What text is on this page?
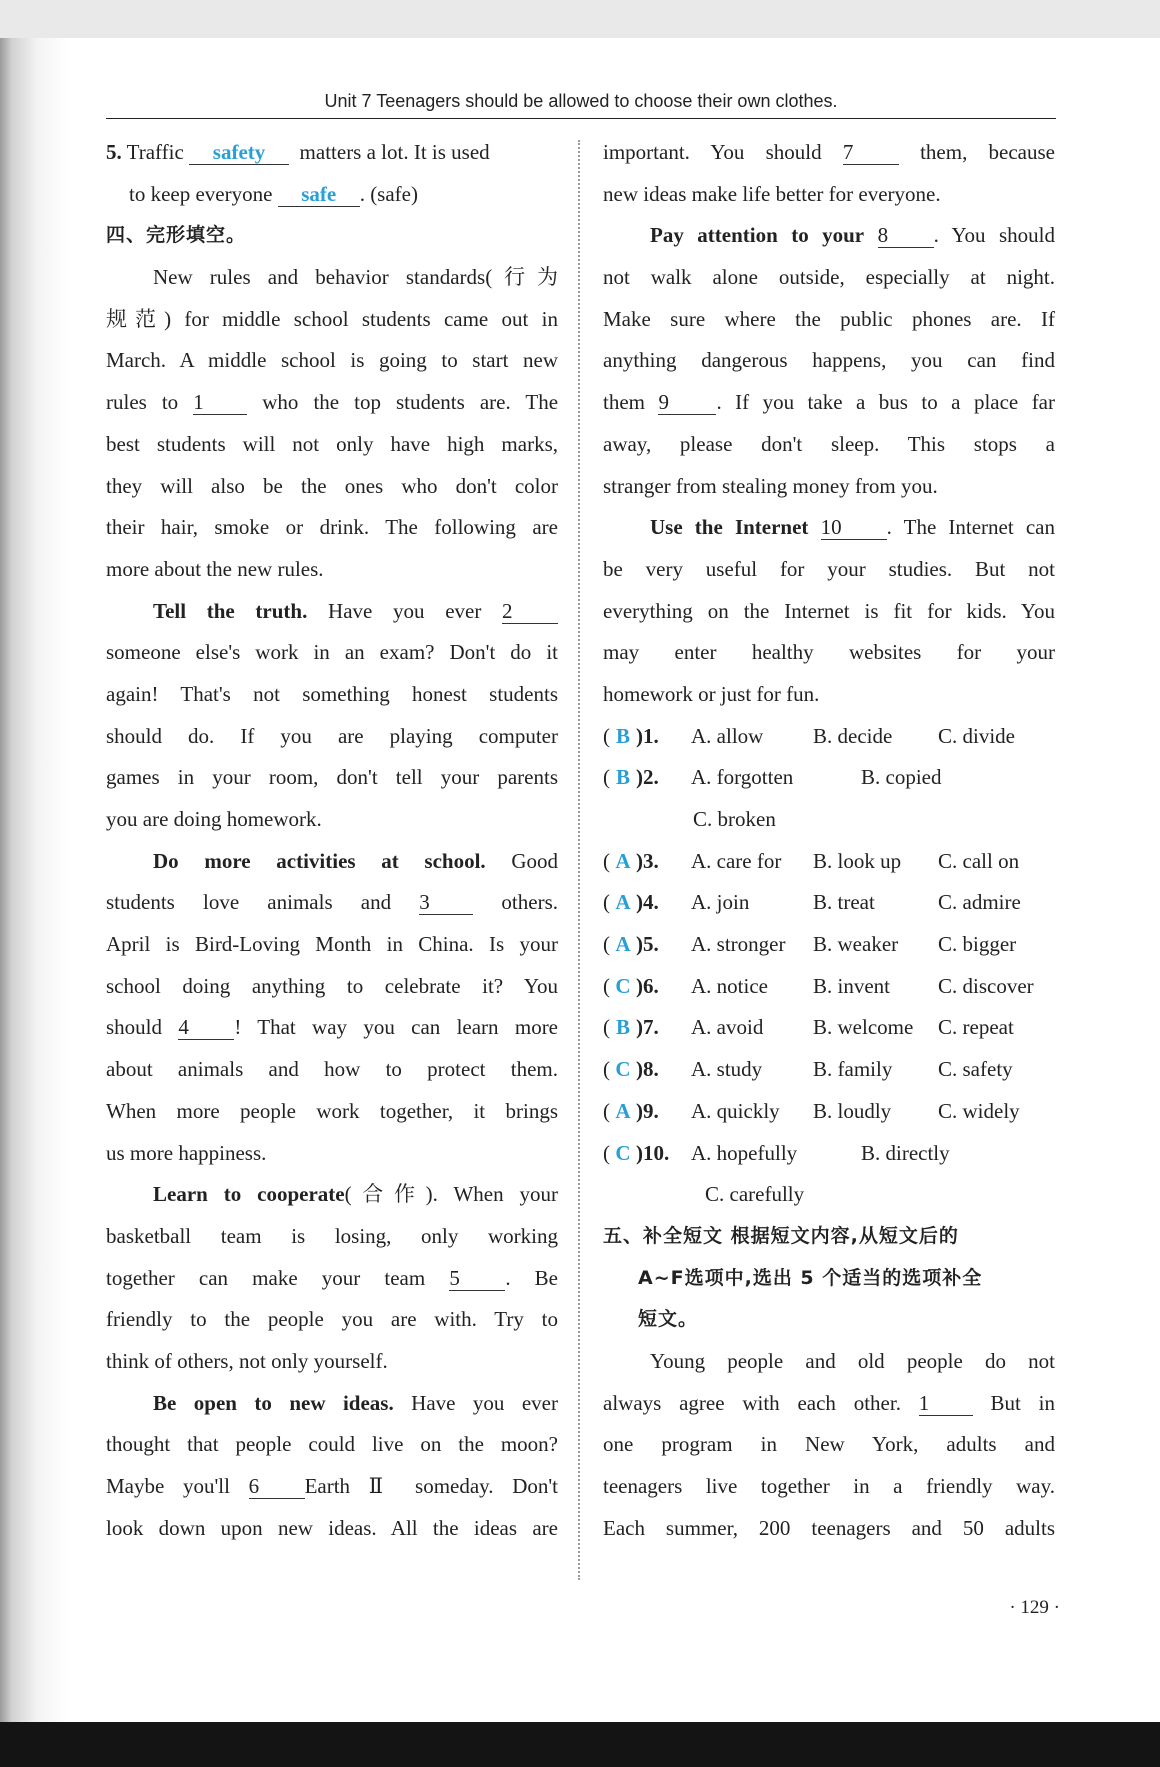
Unit 7 Teenagers should be allowed to choose their own clothes.
5. Traffic safety matters a lot. It is used
to keep everyone safe . (safe)
四、完形填空。
New rules and behavior standards(行为
规范) for middle school students came out in
March. A middle school is going to start new
rules to 1	who the top students are. The
best students will not only have high marks,
they will also be the ones who don't color
their hair, smoke or drink. The following are
more about the new rules.
Tell the truth. Have you ever 2
someone else's work in an exam? Don't do it
again! That's not something honest students
should do. If you are playing computer
games in your room, don't tell your parents
you are doing homework.
Do more activities at school. Good
students love animals and 3	others.
April is Bird-Loving Month in China. Is your
school doing anything to celebrate it? You
should 4 ! That way you can learn more
about animals and how to protect them.
When more people work together, it brings
us more happiness.
Learn to cooperate(合作). When your
basketball team is losing, only working
together can make your team 5 . Be
friendly to the people you are with. Try to
think of others, not only yourself.
Be open to new ideas. Have you ever
thought that people could live on the moon?
Maybe you'll 6 Earth Ⅱ someday. Don't
look down upon new ideas. All the ideas are
important. You should 7	them, because
new ideas make life better for everyone.
Pay attention to your 8 . You should
not walk alone outside, especially at night.
Make sure where the public phones are. If
anything dangerous happens, you can find
them 9 . If you take a bus to a place far
away, please don't sleep. This stops a
stranger from stealing money from you.
Use the Internet 10 . The Internet can
be very useful for your studies. But not
everything on the Internet is fit for kids. You
may enter healthy websites for your
homework or just for fun.
( B )1.	A. allow	B. decide	C. divide
( B )2.	A. forgotten	B. copied
C. broken
( A )3.	A. care for	B. look up	C. call on
( A )4.	A. join	B. treat	C. admire
( A )5.	A. stronger	B. weaker	C. bigger
( C )6.	A. notice	B. invent	C. discover
( B )7.	A. avoid	B. welcome	C. repeat
( C )8.	A. study	B. family	C. safety
( A )9.	A. quickly	B. loudly	C. widely
( C )10.	A. hopefully	B. directly
C. carefully
五、补全短文 根据短文内容,从短文后的
A~F选项中,选出 5 个适当的选项补全
短文。
Young people and old people do not
always agree with each other. 1	But in
one program in New York, adults and
teenagers live together in a friendly way.
Each summer, 200 teenagers and 50 adults
· 129 ·
